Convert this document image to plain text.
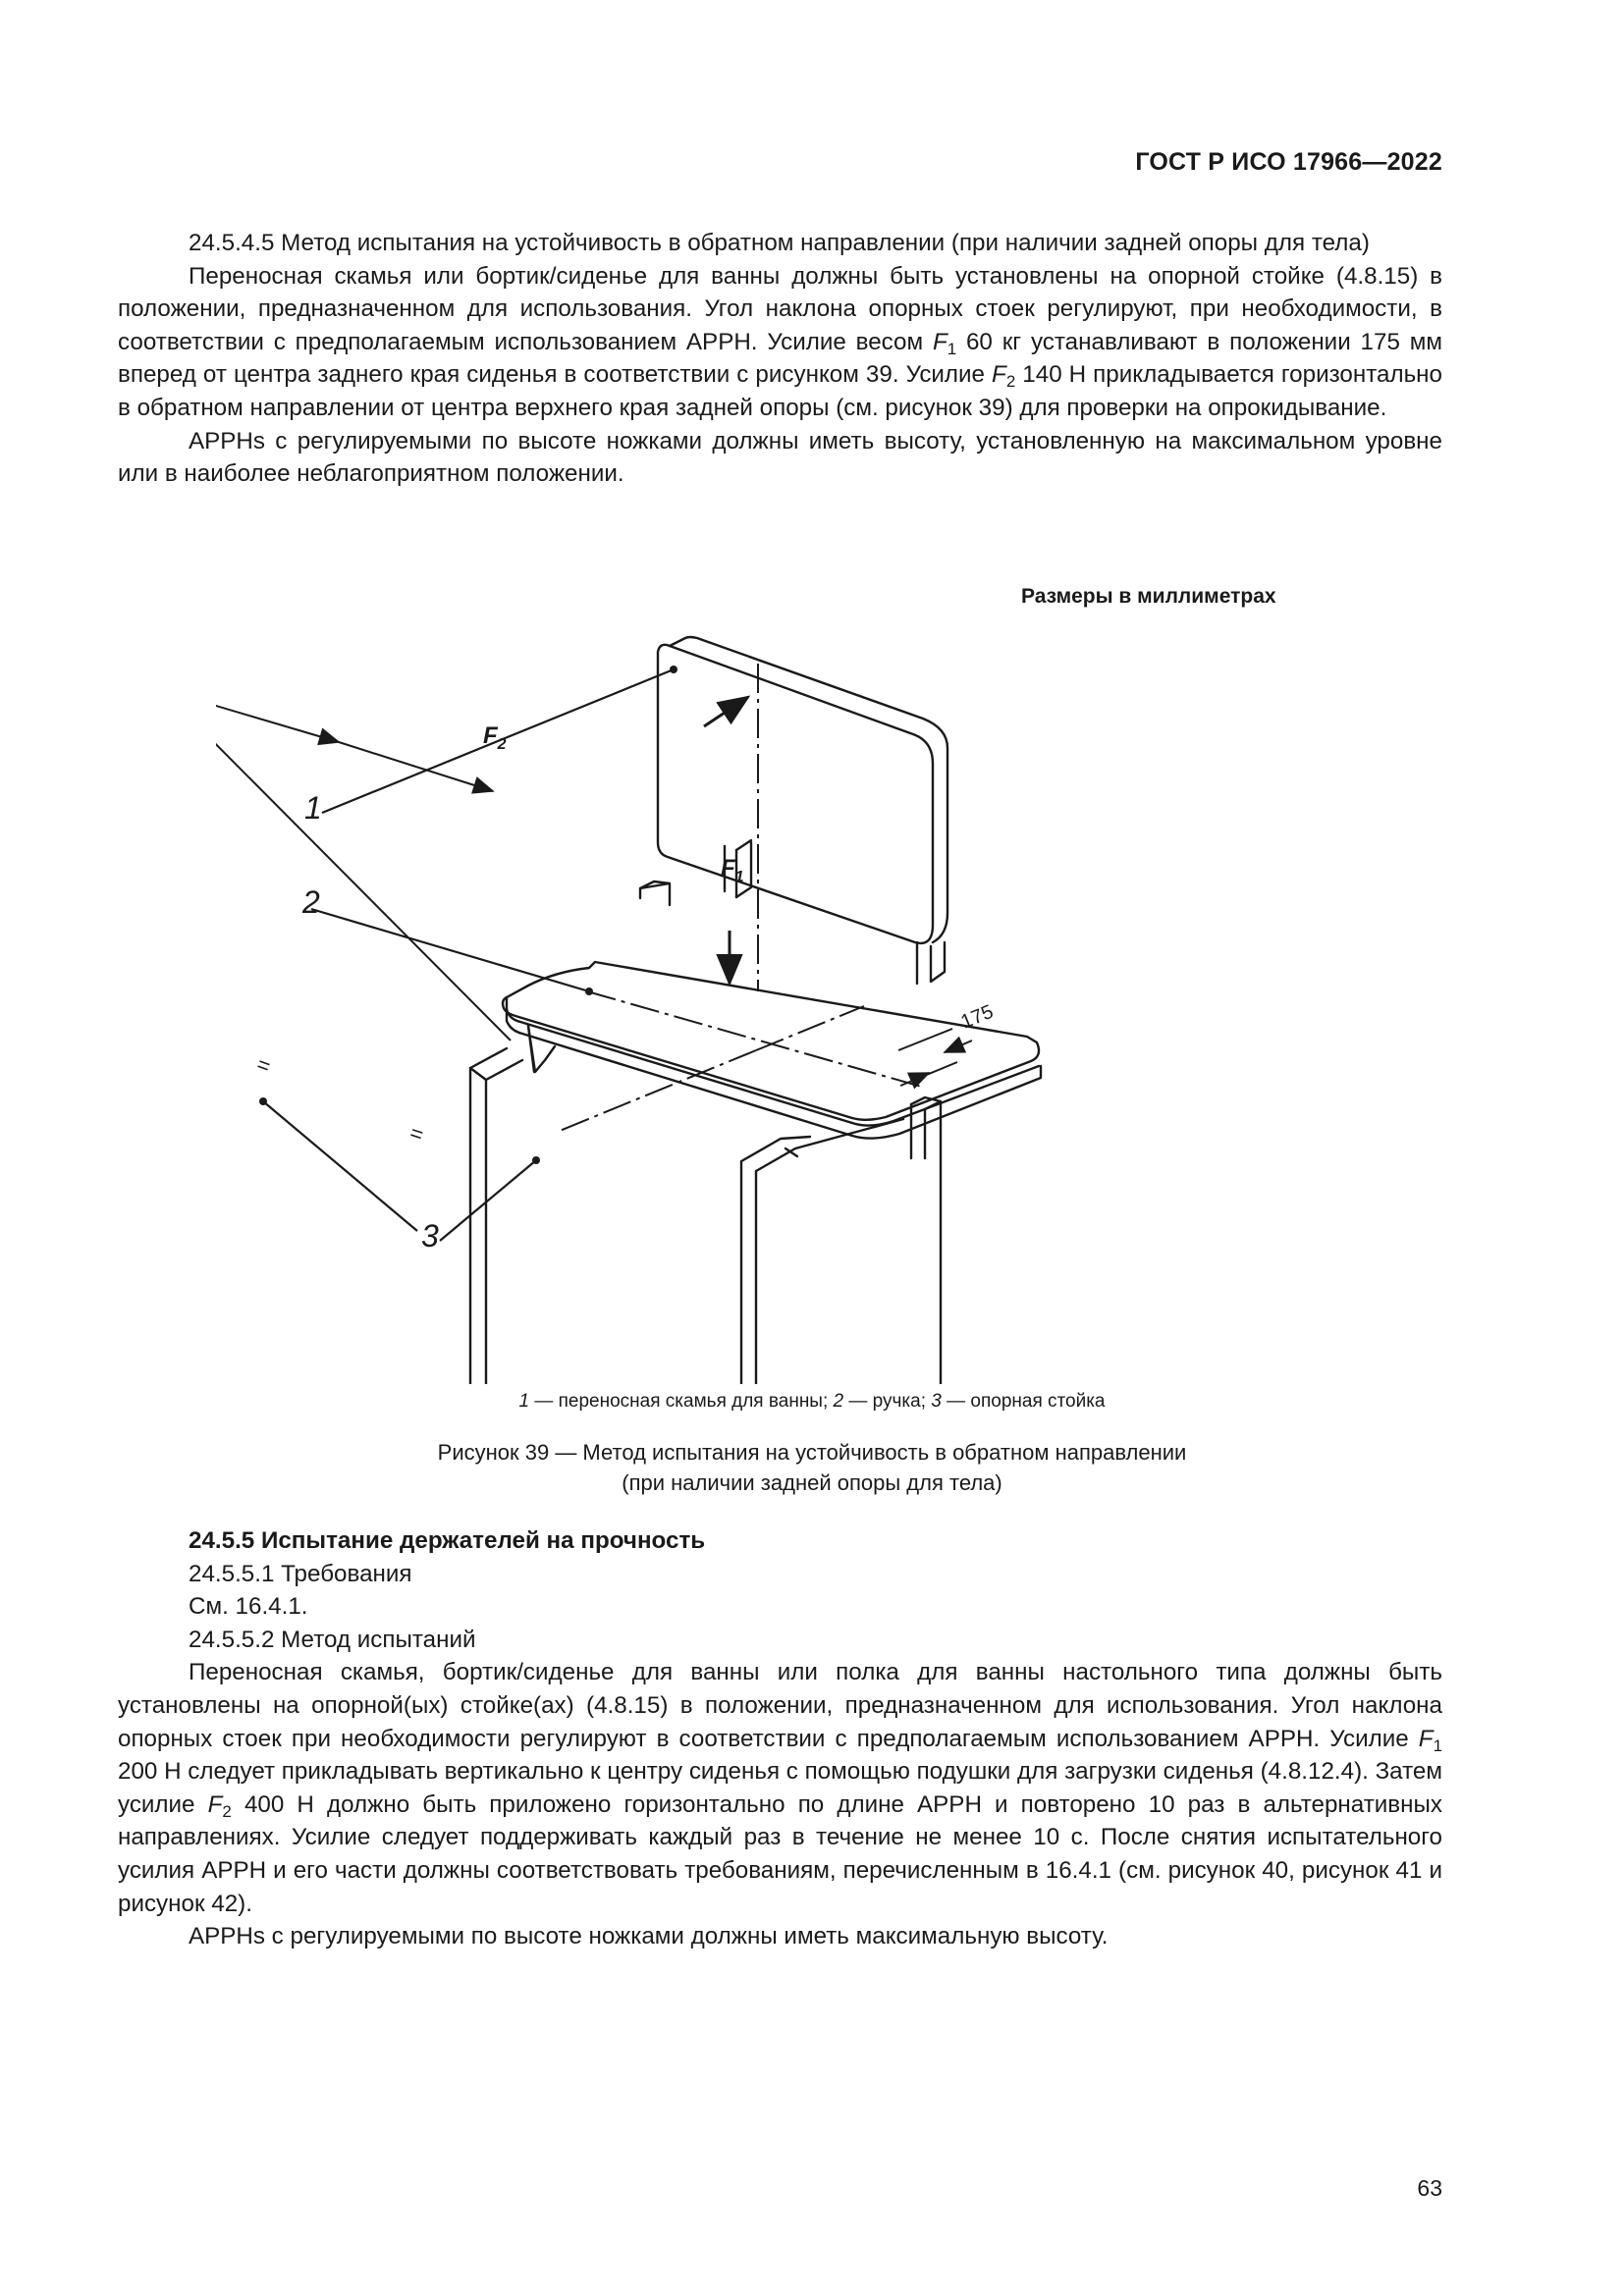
ГОСТ Р ИСО 17966—2022

24.5.4.5 Метод испытания на устойчивость в обратном направлении (при наличии задней опоры для тела)

Переносная скамья или бортик/сиденье для ванны должны быть установлены на опорной стойке (4.8.15) в положении, предназначенном для использования. Угол наклона опорных стоек регулируют, при необходимости, в соответствии с предполагаемым использованием АРРН. Усилие весом $F_1$ 60 кг устанавливают в положении 175 мм вперед от центра заднего края сиденья в соответствии с рисунком 39. Усилие $F_2$ 140 Н прикладывается горизонтально в обратном направлении от центра верхнего края задней опоры (см. рисунок 39) для проверки на опрокидывание.

АРРНs с регулируемыми по высоте ножками должны иметь высоту, установленную на максимальном уровне или в наиболее неблагоприятном положении.

Размеры в миллиметрах
1
2
3
$F_2$
$F_1$
175
=
=
1 — переносная скамья для ванны; 2 — ручка; 3 — опорная стойка
Рисунок 39 — Метод испытания на устойчивость в обратном направлении
(при наличии задней опоры для тела)

24.5.5 Испытание держателей на прочность

24.5.5.1 Требования

См. 16.4.1.

24.5.5.2 Метод испытаний

Переносная скамья, бортик/сиденье для ванны или полка для ванны настольного типа должны быть установлены на опорной(ых) стойке(ах) (4.8.15) в положении, предназначенном для использования. Угол наклона опорных стоек при необходимости регулируют в соответствии с предполагаемым использованием АРРН. Усилие $F_1$ 200 Н следует прикладывать вертикально к центру сиденья с помощью подушки для загрузки сиденья (4.8.12.4). Затем усилие $F_2$ 400 Н должно быть приложено горизонтально по длине АРРН и повторено 10 раз в альтернативных направлениях. Усилие следует поддерживать каждый раз в течение не менее 10 с. После снятия испытательного усилия АРРН и его части должны соответствовать требованиям, перечисленным в 16.4.1 (см. рисунок 40, рисунок 41 и рисунок 42).

АРРНs с регулируемыми по высоте ножками должны иметь максимальную высоту.

63
